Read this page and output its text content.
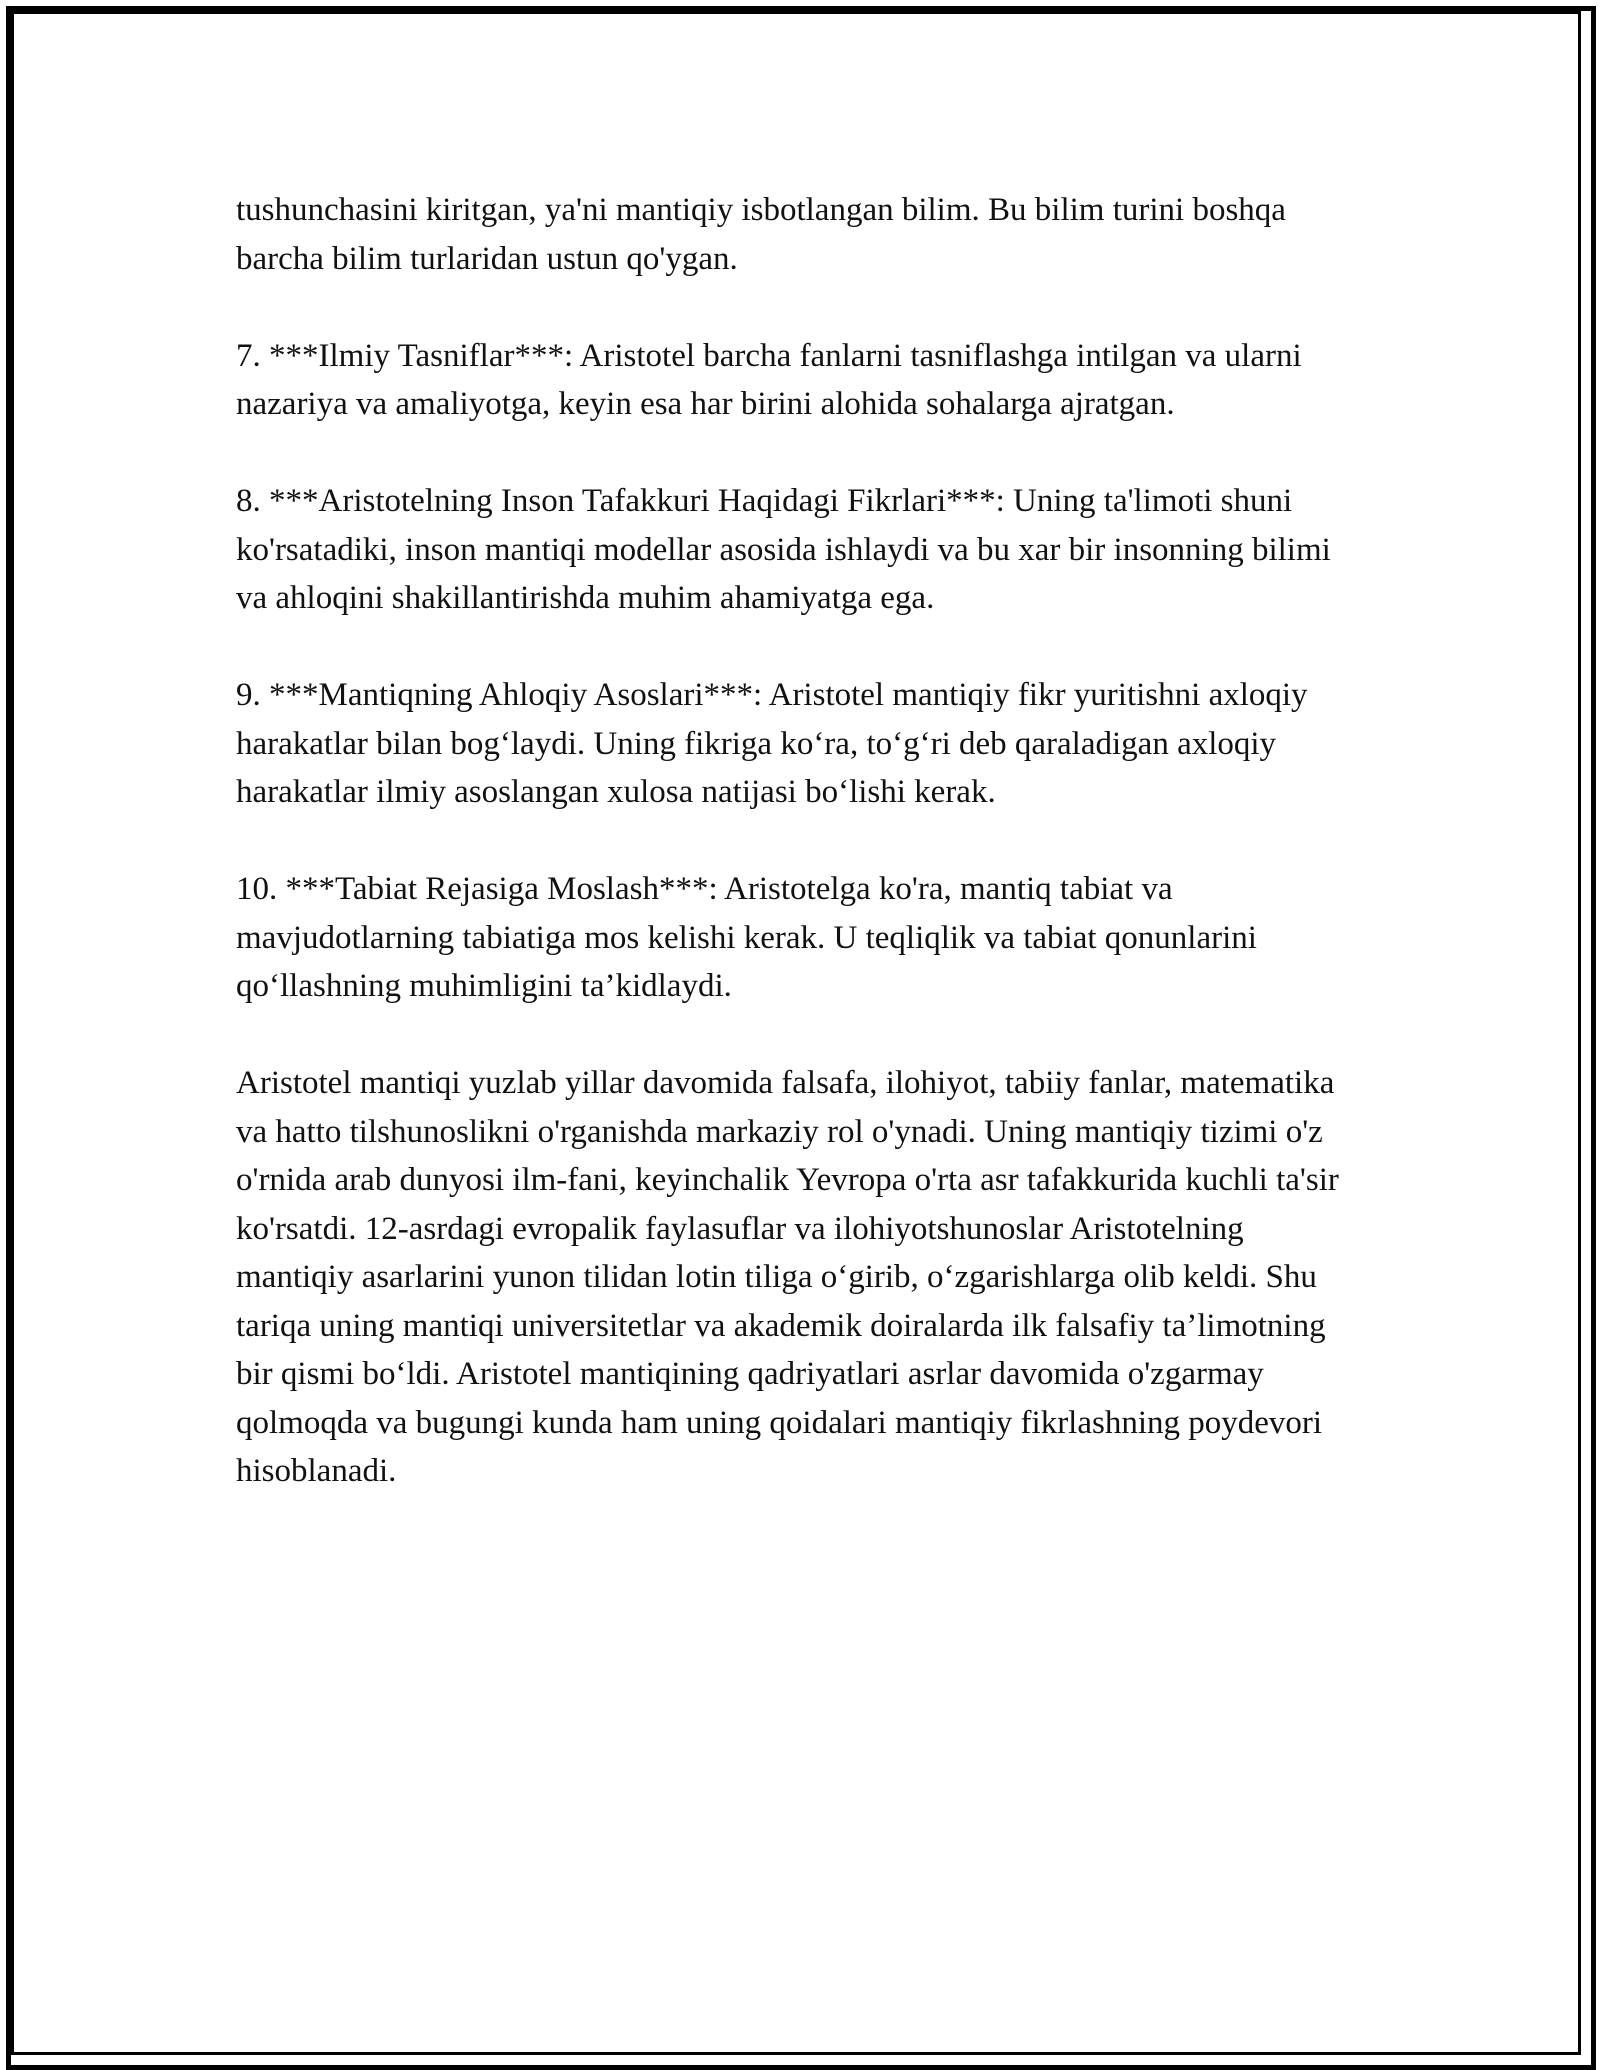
tushunchasini kiritgan, ya'ni mantiqiy isbotlangan bilim. Bu bilim turini boshqa barcha bilim turlaridan ustun qo'ygan.

7. ***Ilmiy Tasniflar***: Aristotel barcha fanlarni tasniflashga intilgan va ularni nazariya va amaliyotga, keyin esa har birini alohida sohalarga ajratgan.

8. ***Aristotelning Inson Tafakkuri Haqidagi Fikrlari***: Uning ta'limoti shuni ko'rsatadiki, inson mantiqi modellar asosida ishlaydi va bu xar bir insonning bilimi va ahloqini shakillantirishda muhim ahamiyatga ega.

9. ***Mantiqning Ahloqiy Asoslari***: Aristotel mantiqiy fikr yuritishni axloqiy harakatlar bilan bog‘laydi. Uning fikriga ko‘ra, to‘g‘ri deb qaraladigan axloqiy harakatlar ilmiy asoslangan xulosa natijasi bo‘lishi kerak.

10. ***Tabiat Rejasiga Moslash***: Aristotelga ko'ra, mantiq tabiat va mavjudotlarning tabiatiga mos kelishi kerak. U teqliqlik va tabiat qonunlarini qo‘llashning muhimligini ta’kidlaydi.

Aristotel mantiqi yuzlab yillar davomida falsafa, ilohiyot, tabiiy fanlar, matematika va hatto tilshunoslikni o'rganishda markaziy rol o'ynadi. Uning mantiqiy tizimi o'z o'rnida arab dunyosi ilm-fani, keyinchalik Yevropa o'rta asr tafakkurida kuchli ta'sir ko'rsatdi. 12-asrdagi evropalik faylasuflar va ilohiyotshunoslar Aristotelning mantiqiy asarlarini yunon tilidan lotin tiliga o‘girib, o‘zgarishlarga olib keldi. Shu tariqa uning mantiqi universitetlar va akademik doiralarda ilk falsafiy ta’limotning bir qismi bo‘ldi. Aristotel mantiqining qadriyatlari asrlar davomida o'zgarmay qolmoqda va bugungi kunda ham uning qoidalari mantiqiy fikrlashning poydevori hisoblanadi.
